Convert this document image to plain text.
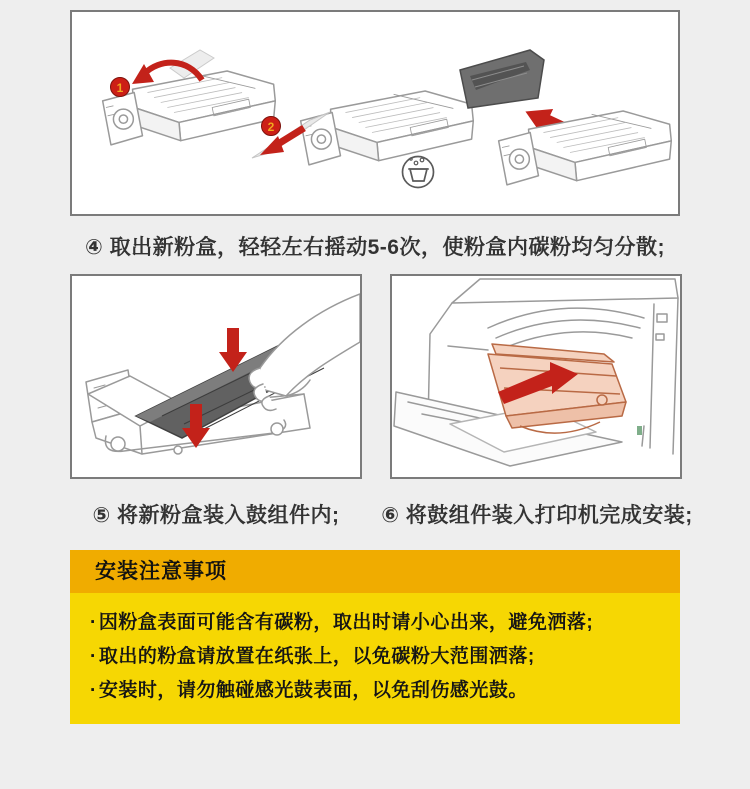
1
2
④ 取出新粉盒，轻轻左右摇动5-6次，使粉盒内碳粉均匀分散;
⑤ 将新粉盒装入鼓组件内;	⑥ 将鼓组件装入打印机完成安装;
安装注意事项
· 因粉盒表面可能含有碳粉，取出时请小心出来，避免洒落;
· 取出的粉盒请放置在纸张上，以免碳粉大范围洒落;
· 安装时，请勿触碰感光鼓表面，以免刮伤感光鼓。
